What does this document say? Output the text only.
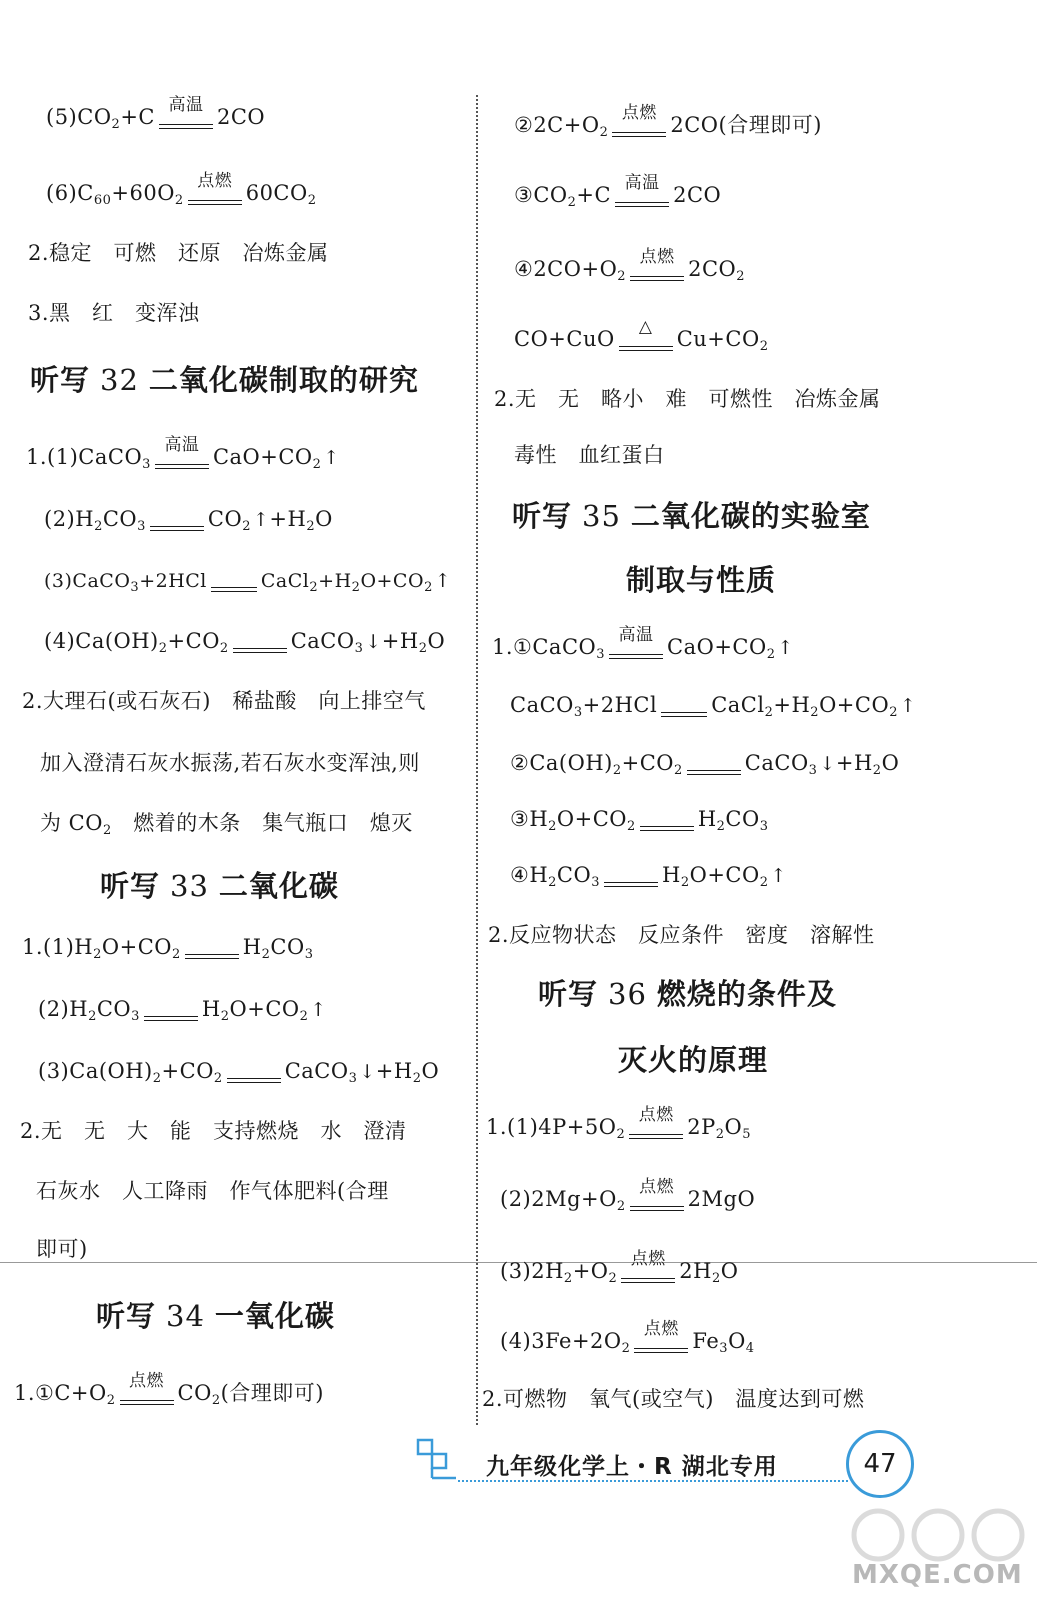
$(5)CO_2+C$ 高温 2CO
$(6)C_{60}+60O_2$
点燃 $60CO_2$
2.稳定　可燃　还原　冶炼金属
3.黑　红　变浑浊
听写 32 二氧化碳制取的研究
1.(1)CaCO$_3$
高温 $CaO+CO_2$ ↑
$(2)H_2CO_3$	$CO_2$ $↑+H_2O$
(3)CaCO$_3$+2HCl	$CaCl_2+H_2O+CO_2$ ↑
$(4)Ca(OH)_2+CO_2$	CaCO$_3$ $↓+H_2O$
2.大理石(或石灰石)　稀盐酸　向上排空气
加入澄清石灰水振荡,若石灰水变浑浊,则
为 $CO_2$　燃着的木条　集气瓶口　熄灭
听写 33 二氧化碳
$1.(1)H_2O+CO_2$	$H_2CO_3$
$(2)H_2CO_3$	$H_2O+CO_2$ ↑
$(3)Ca(OH)_2+CO_2$	CaCO$_3$ $↓+H_2O$
2.无　无　大　能　支持燃烧　水　澄清
石灰水　人工降雨　作气体肥料(合理
即可)
听写 34 一氧化碳
$1.①C+O_2$
点燃 $CO_2$(合理即可)
$②2C+O_2$
点燃 2CO(合理即可)
$③CO_2+C$ 高温 2CO
$④2CO+O_2$
点燃 $2CO_2$
CO+CuO	△	$Cu+CO_2$
2.无　无　略小　难　可燃性　冶炼金属
毒性　血红蛋白
听写 35 二氧化碳的实验室
制取与性质
1.①CaCO$_3$
高温 $CaO+CO_2$ ↑
CaCO$_3$+2HCl	$CaCl_2+H_2O+CO_2$ ↑
$②Ca(OH)_2+CO_2$	CaCO$_3$ $↓+H_2O$
$③H_2O+CO_2$	$H_2CO_3$
$④H_2CO_3$	$H_2O+CO_2$ ↑
2.反应物状态　反应条件　密度　溶解性
听写 36 燃烧的条件及
灭火的原理
$1.(1)4P+5O_2$
点燃 $2P_2O_5$
$(2)2Mg+O_2$
点燃 2MgO
$(3)2H_2+O_2$
点燃 $2H_2O$
$(4)3Fe+2O_2$
点燃 $Fe_3O_4$
2.可燃物　氧气(或空气)　温度达到可燃
九年级化学上・R 湖北专用	47
MXQE.COM
